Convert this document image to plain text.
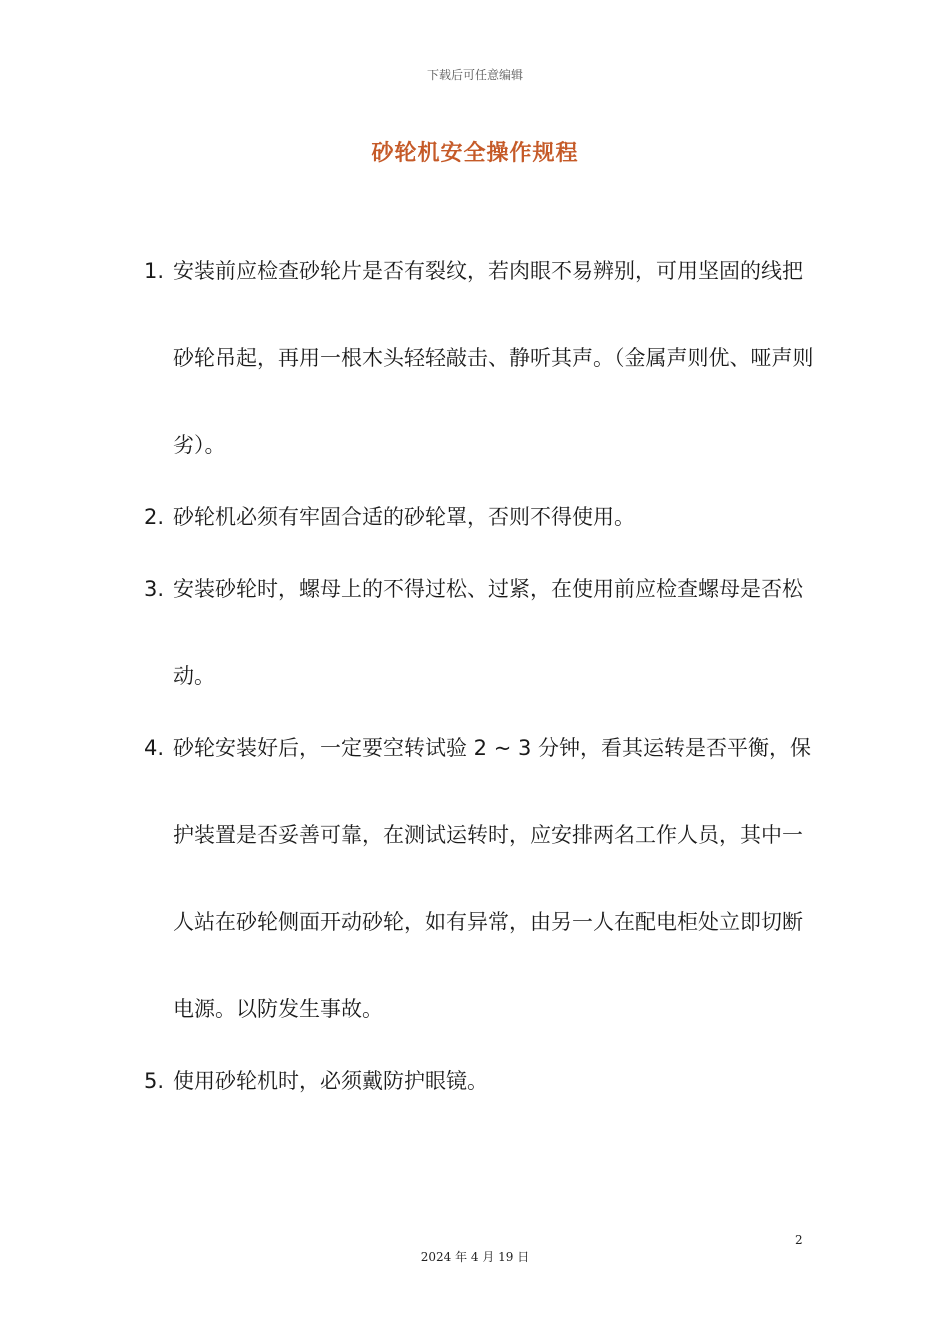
下载后可任意编辑
砂轮机安全操作规程
1. 安装前应检查砂轮片是否有裂纹，若肉眼不易辨别，可用坚固的线把砂轮吊起，再用一根木头轻轻敲击、静听其声。（金属声则优、哑声则劣）。
2. 砂轮机必须有牢固合适的砂轮罩，否则不得使用。
3. 安装砂轮时，螺母上的不得过松、过紧，在使用前应检查螺母是否松动。
4. 砂轮安装好后，一定要空转试验 2 ~ 3 分钟，看其运转是否平衡，保护装置是否妥善可靠，在测试运转时，应安排两名工作人员，其中一人站在砂轮侧面开动砂轮，如有异常，由另一人在配电柜处立即切断电源。以防发生事故。
5. 使用砂轮机时，必须戴防护眼镜。
2
2024 年 4 月 19 日
